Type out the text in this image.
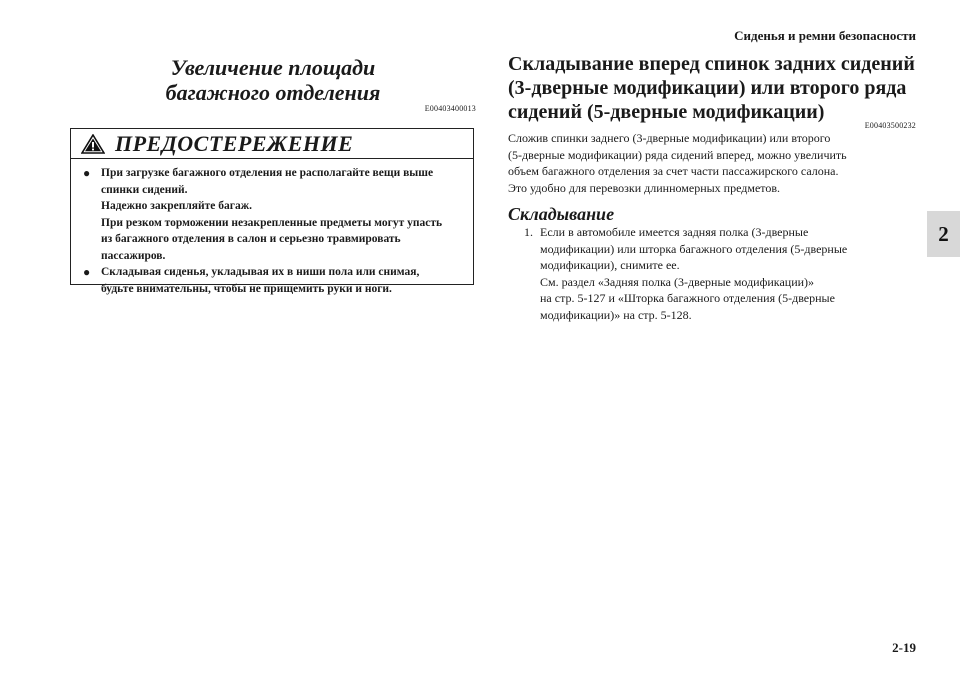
Сиденья и ремни безопасности
2
2-19
Увеличение площади
багажного отделения
E00403400013
ПРЕДОСТЕРЕЖЕНИЕ
● При загрузке багажного отделения не располагайте вещи выше
спинки сидений.
Надежно закрепляйте багаж.
При резком торможении незакрепленные предметы могут упасть
из багажного отделения в салон и серьезно травмировать
пассажиров.
● Складывая сиденья, укладывая их в ниши пола или снимая,
будьте внимательны, чтобы не прищемить руки и ноги.
Складывание вперед спинок задних сидений
(3-дверные модификации) или второго ряда
сидений (5-дверные модификации)
E00403500232
Сложив спинки заднего (3-дверные модификации) или второго
(5-дверные модификации) ряда сидений вперед, можно увеличить
объем багажного отделения за счет части пассажирского салона.
Это удобно для перевозки длинномерных предметов.
Складывание
1. Если в автомобиле имеется задняя полка (3-дверные
модификации) или шторка багажного отделения (5-дверные
модификации), снимите ее.
См. раздел «Задняя полка (3-дверные модификации)»
на стр. 5-127 и «Шторка багажного отделения (5-дверные
модификации)» на стр. 5-128.
